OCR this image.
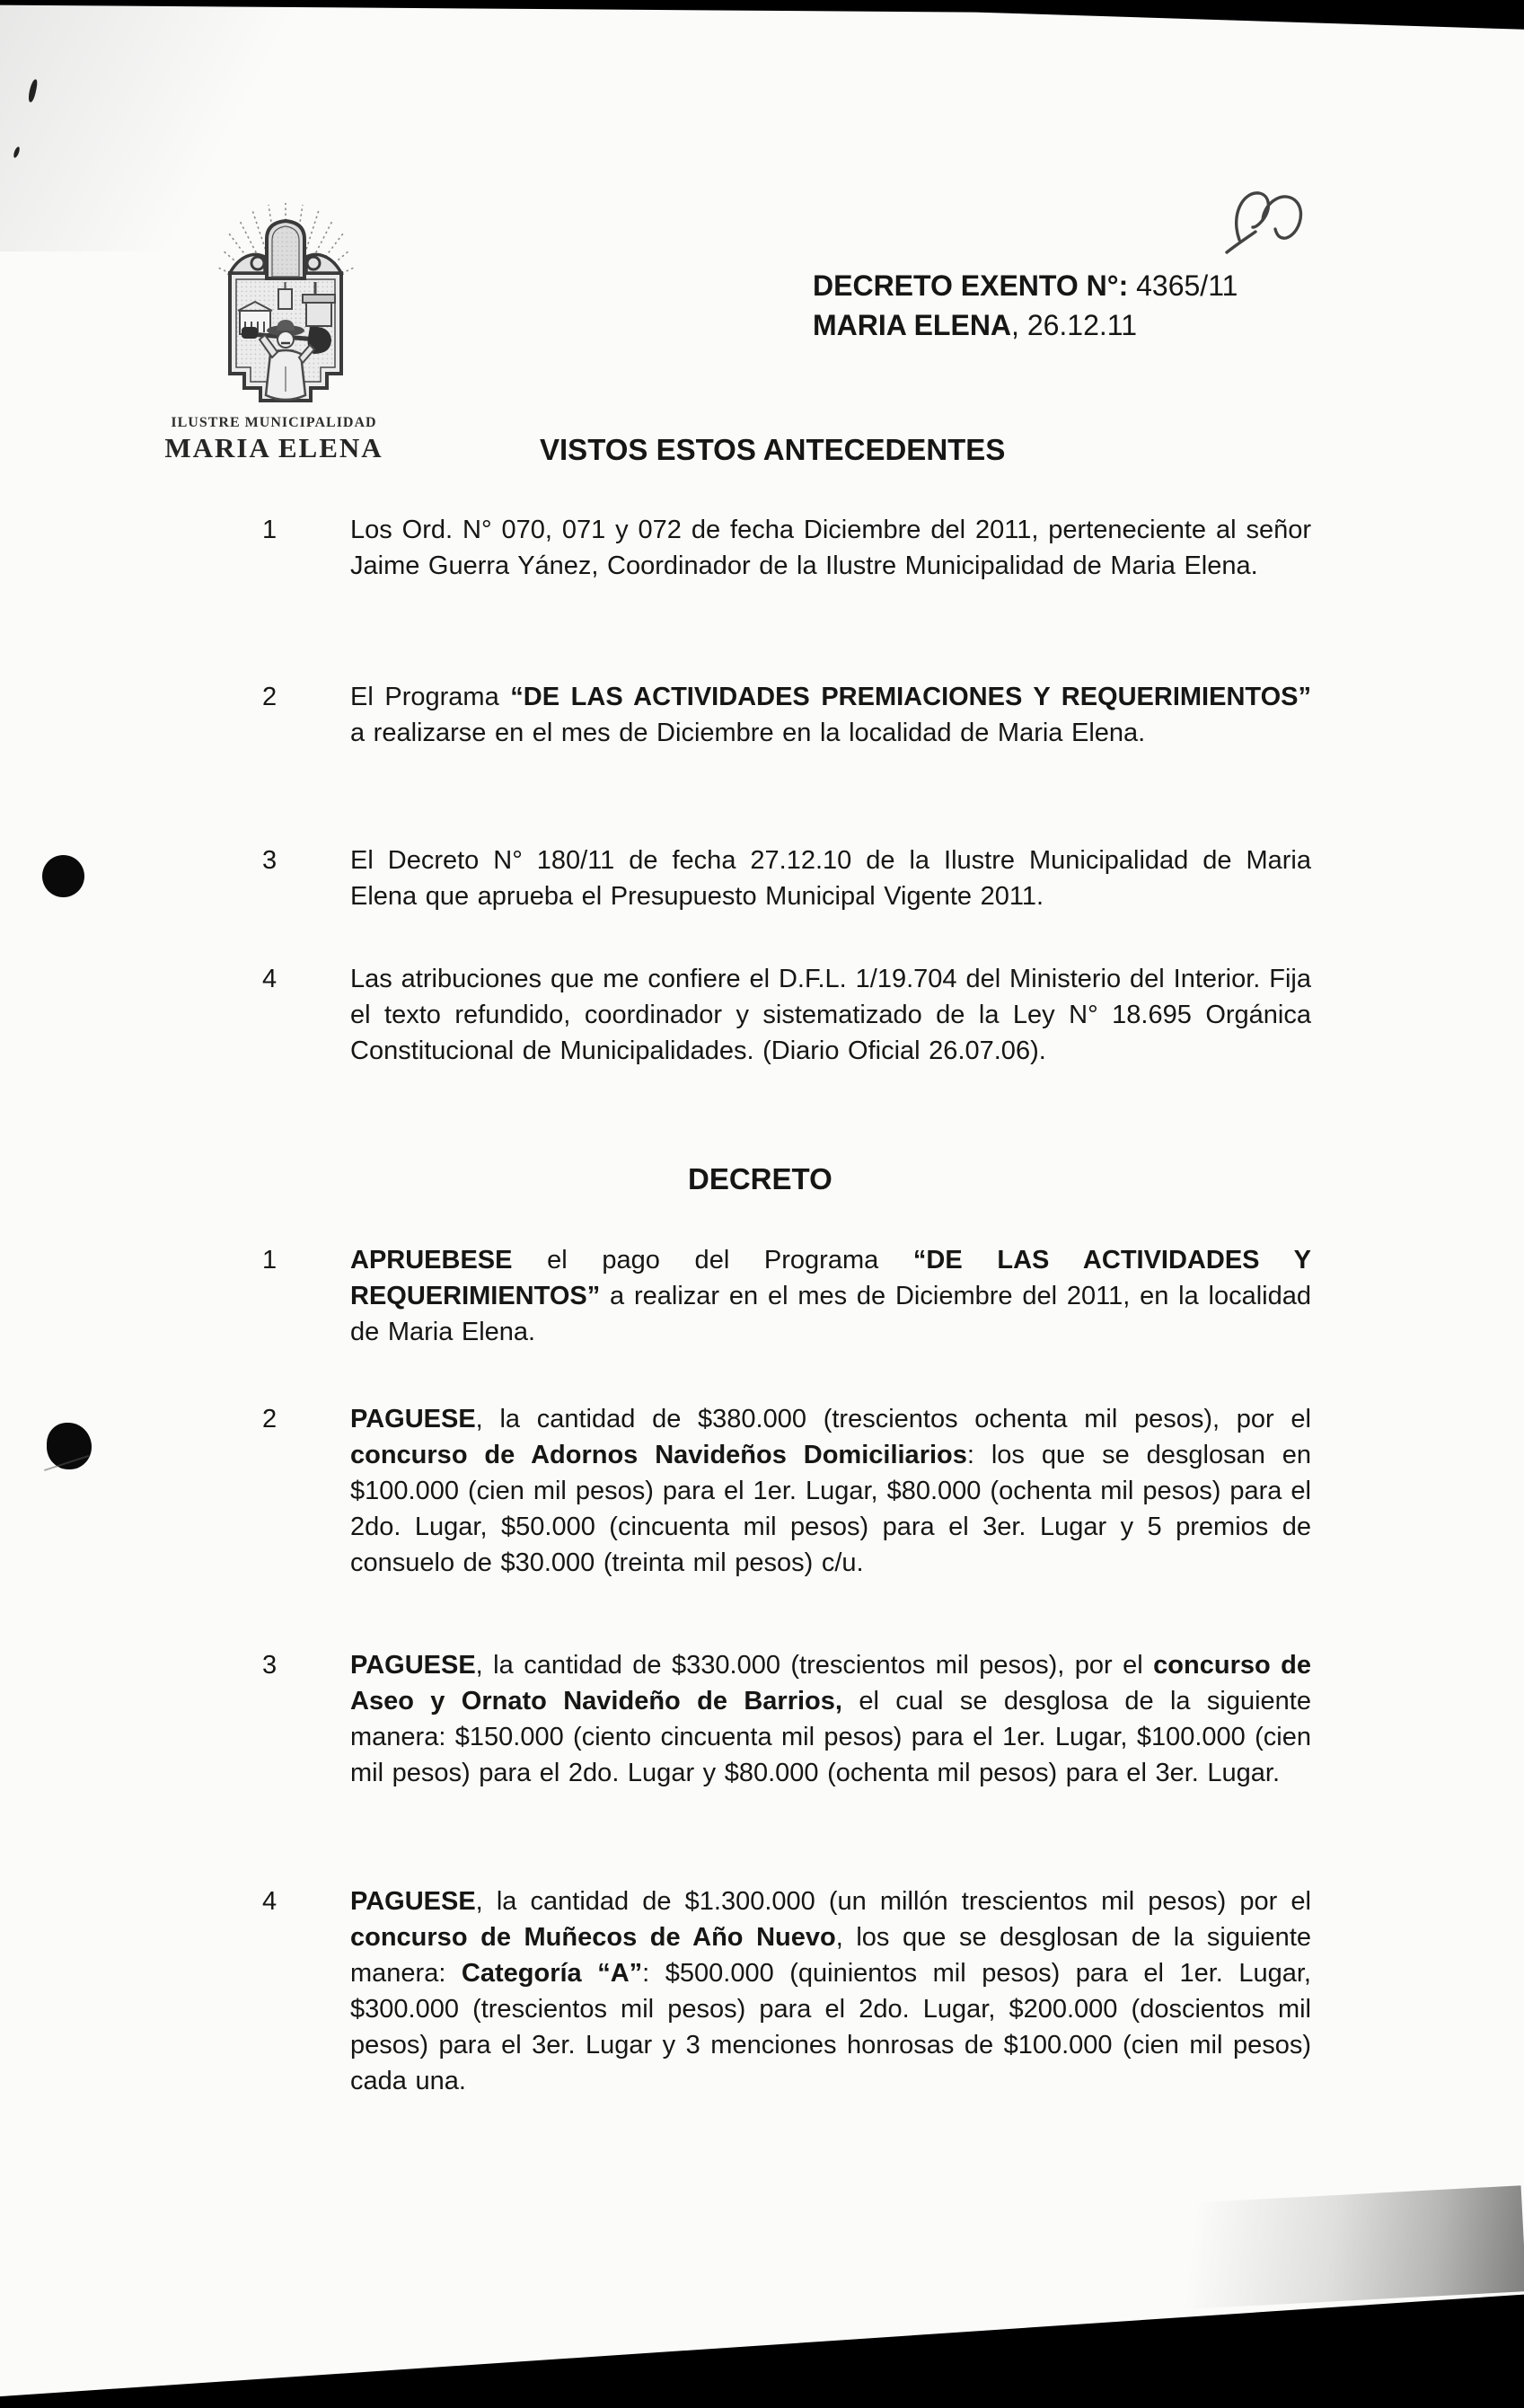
ILUSTRE MUNICIPALIDAD
MARIA ELENA
DECRETO EXENTO N°: 4365/11
MARIA ELENA, 26.12.11
VISTOS ESTOS ANTECEDENTES
1	Los Ord. N° 070, 071 y 072 de fecha Diciembre del 2011, perteneciente al señor Jaime Guerra Yánez, Coordinador de la Ilustre Municipalidad de Maria Elena.
2	El Programa “DE LAS ACTIVIDADES PREMIACIONES Y REQUERIMIENTOS” a realizarse en el mes de Diciembre en la localidad de Maria Elena.
3	El Decreto N° 180/11 de fecha 27.12.10 de la Ilustre Municipalidad de Maria Elena que aprueba el Presupuesto Municipal Vigente 2011.
4	Las atribuciones que me confiere el D.F.L. 1/19.704 del Ministerio del Interior. Fija el texto refundido, coordinador y sistematizado de la Ley N° 18.695 Orgánica Constitucional de Municipalidades. (Diario Oficial 26.07.06).
DECRETO
1	APRUEBESE el pago del Programa “DE LAS ACTIVIDADES Y REQUERIMIENTOS” a realizar en el mes de Diciembre del 2011, en la localidad de Maria Elena.
2	PAGUESE, la cantidad de $380.000 (trescientos ochenta mil pesos), por el concurso de Adornos Navideños Domiciliarios: los que se desglosan en $100.000 (cien mil pesos) para el 1er. Lugar, $80.000 (ochenta mil pesos) para el 2do. Lugar, $50.000 (cincuenta mil pesos) para el 3er. Lugar y 5 premios de consuelo de $30.000 (treinta mil pesos) c/u.
3	PAGUESE, la cantidad de $330.000 (trescientos mil pesos), por el concurso de Aseo y Ornato Navideño de Barrios, el cual se desglosa de la siguiente manera: $150.000 (ciento cincuenta mil pesos) para el 1er. Lugar, $100.000 (cien mil pesos) para el 2do. Lugar y $80.000 (ochenta mil pesos) para el 3er. Lugar.
4	PAGUESE, la cantidad de $1.300.000 (un millón trescientos mil pesos) por el concurso de Muñecos de Año Nuevo, los que se desglosan de la siguiente manera: Categoría “A”: $500.000 (quinientos mil pesos) para el 1er. Lugar, $300.000 (trescientos mil pesos) para el 2do. Lugar, $200.000 (doscientos mil pesos) para el 3er. Lugar y 3 menciones honrosas de $100.000 (cien mil pesos) cada una.
